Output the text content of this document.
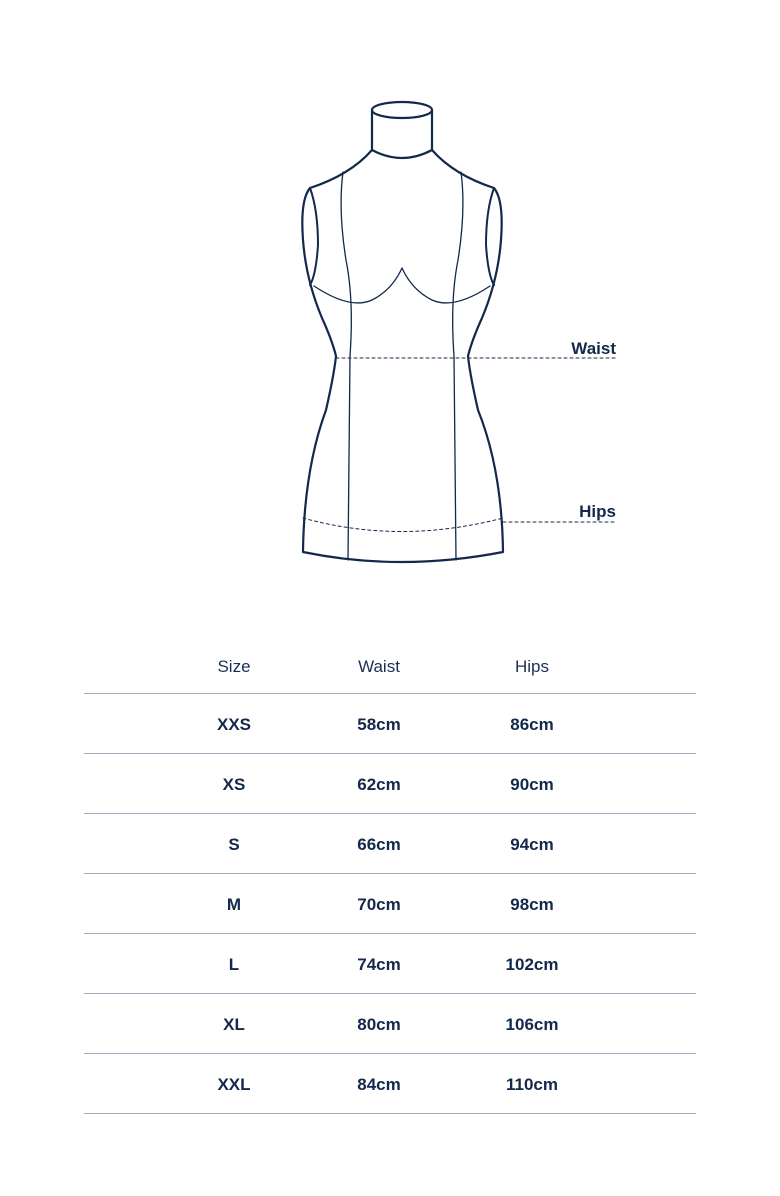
Waist
Hips
Size	Waist	Hips
XXS	58cm	86cm
XS	62cm	90cm
S	66cm	94cm
M	70cm	98cm
L	74cm	102cm
XL	80cm	106cm
XXL	84cm	110cm
